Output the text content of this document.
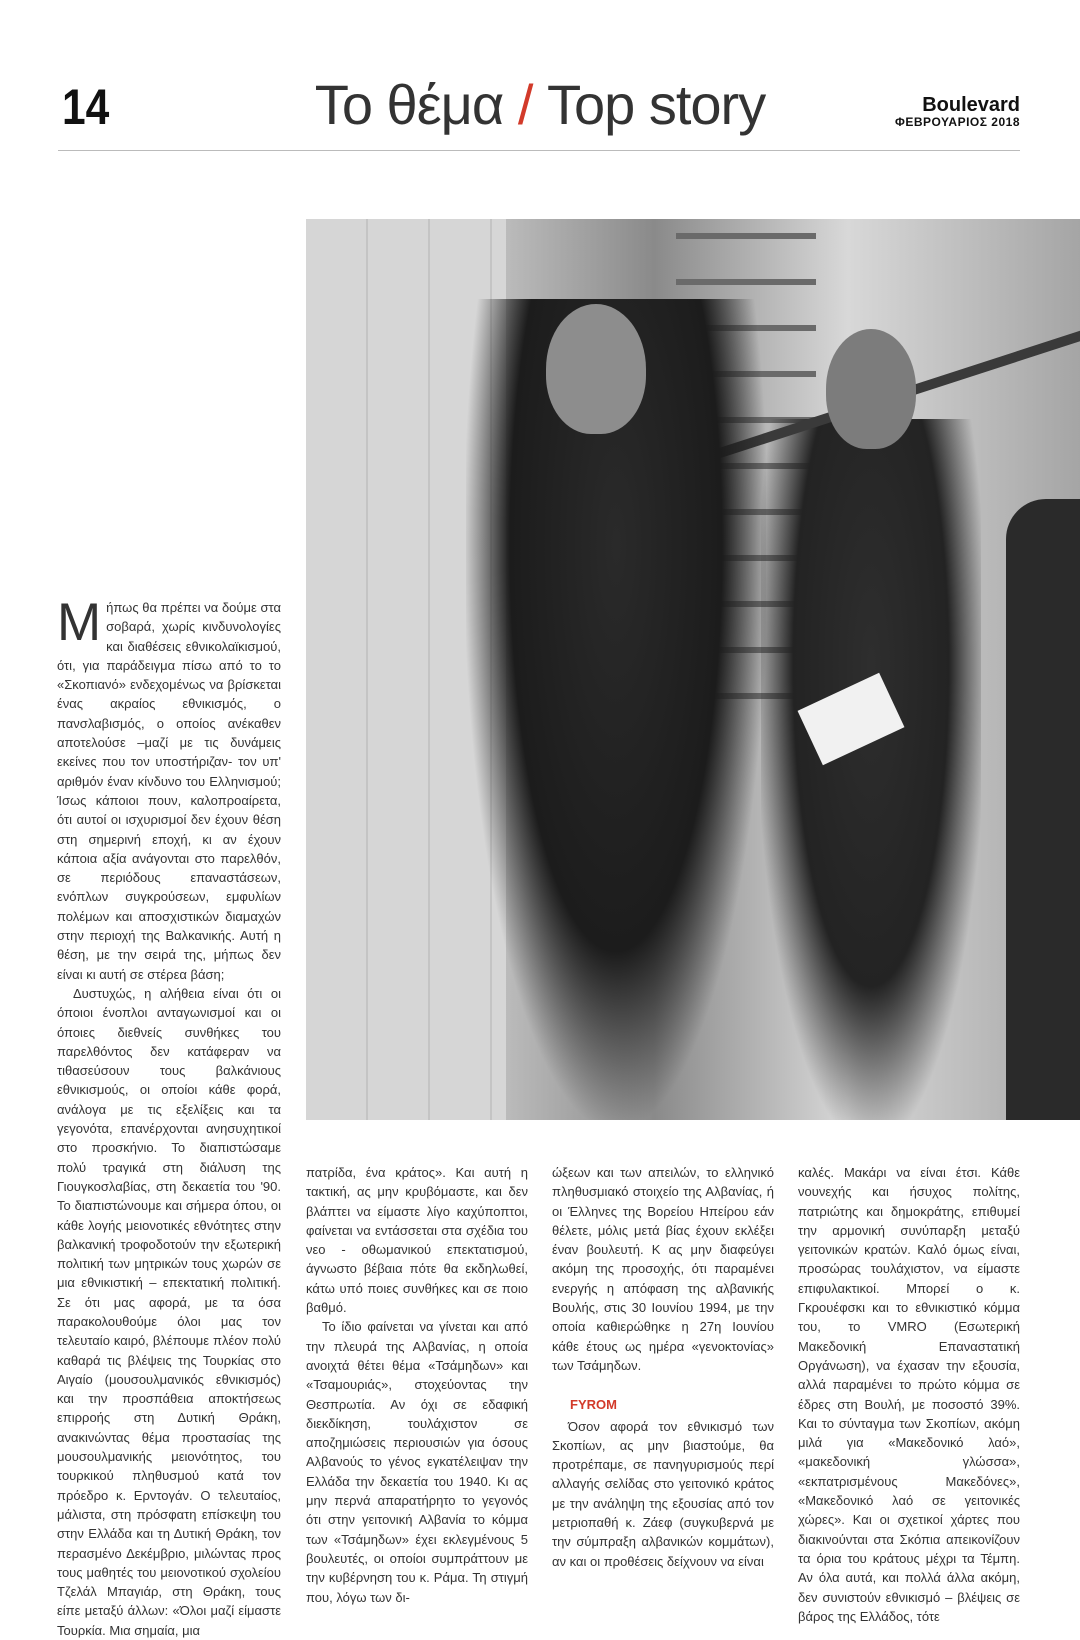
14	Το θέμα / Top story	Boulevard
ΦΕΒΡΟΥΑΡΙΟΣ 2018

Μήπως θα πρέπει να δούμε στα σοβαρά, χωρίς κινδυνολογίες και διαθέσεις εθνικολαϊκισμού, ότι, για παράδειγμα πίσω από το το «Σκοπιανό» ενδεχομένως να βρίσκεται ένας ακραίος εθνικισμός, ο πανσλαβισμός, ο οποίος ανέκαθεν αποτελούσε –μαζί με τις δυνάμεις εκείνες που τον υποστήριζαν- τον υπ' αριθμόν έναν κίνδυνο του Ελληνισμού; Ίσως κάποιοι πουν, καλοπροαίρετα, ότι αυτοί οι ισχυρισμοί δεν έχουν θέση στη σημερινή εποχή, κι αν έχουν κάποια αξία ανάγονται στο παρελθόν, σε περιόδους επαναστάσεων, ενόπλων συγκρούσεων, εμφυλίων πολέμων και αποσχιστικών διαμαχών στην περιοχή της Βαλκανικής. Αυτή η θέση, με την σειρά της, μήπως δεν είναι κι αυτή σε στέρεα βάση;

Δυστυχώς, η αλήθεια είναι ότι οι όποιοι ένοπλοι ανταγωνισμοί και οι όποιες διεθνείς συνθήκες του παρελθόντος δεν κατάφεραν να τιθασεύσουν τους βαλκάνιους εθνικισμούς, οι οποίοι κάθε φορά, ανάλογα με τις εξελίξεις και τα γεγονότα, επανέρχονται ανησυχητικοί στο προσκήνιο. Το διαπιστώσαμε πολύ τραγικά στη διάλυση της Γιουγκοσλαβίας, στη δεκαετία του '90. Το διαπιστώνουμε και σήμερα όπου, οι κάθε λογής μειονοτικές εθνότητες στην βαλκανική τροφοδοτούν την εξωτερική πολιτική των μητρικών τους χωρών σε μια εθνικιστική – επεκτατική πολιτική. Σε ότι μας αφορά, με τα όσα παρακολουθούμε όλοι μας τον τελευταίο καιρό, βλέπουμε πλέον πολύ καθαρά τις βλέψεις της Τουρκίας στο Αιγαίο (μουσουλμανικός εθνικισμός) και την προσπάθεια αποκτήσεως επιρροής στη Δυτική Θράκη, ανακινώντας θέμα προστασίας της μουσουλμανικής μειονότητος, του τουρκικού πληθυσμού κατά τον πρόεδρο κ. Ερντογάν. Ο τελευταίος, μάλιστα, στη πρόσφατη επίσκεψη του στην Ελλάδα και τη Δυτική Θράκη, τον περασμένο Δεκέμβριο, μιλώντας προς τους μαθητές του μειονοτικού σχολείου Τζελάλ Μπαγιάρ, στη Θράκη, τους είπε μεταξύ άλλων: «Όλοι μαζί είμαστε Τουρκία. Μια σημαία, μια

πατρίδα, ένα κράτος». Και αυτή η τακτική, ας μην κρυβόμαστε, και δεν βλάπτει να είμαστε λίγο καχύποπτοι, φαίνεται να εντάσσεται στα σχέδια του νεο - οθωμανικού επεκτατισμού, άγνωστο βέβαια πότε θα εκδηλωθεί, κάτω υπό ποιες συνθήκες και σε ποιο βαθμό.

Το ίδιο φαίνεται να γίνεται και από την πλευρά της Αλβανίας, η οποία ανοιχτά θέτει θέμα «Τσάμηδων» και «Τσαμουριάς», στοχεύοντας την Θεσπρωτία. Αν όχι σε εδαφική διεκδίκηση, τουλάχιστον σε αποζημιώσεις περιουσιών για όσους Αλβανούς το γένος εγκατέλειψαν την Ελλάδα την δεκαετία του 1940. Κι ας μην περνά απαρατήρητο το γεγονός ότι στην γειτονική Αλβανία το κόμμα των «Τσάμηδων» έχει εκλεγμένους 5 βουλευτές, οι οποίοι συμπράττουν με την κυβέρνηση του κ. Ράμα. Τη στιγμή που, λόγω των δι-

ώξεων και των απειλών, το ελληνικό πληθυσμιακό στοιχείο της Αλβανίας, ή οι Έλληνες της Βορείου Ηπείρου εάν θέλετε, μόλις μετά βίας έχουν εκλέξει έναν βουλευτή. Κ ας μην διαφεύγει ακόμη της προσοχής, ότι παραμένει ενεργής η απόφαση της αλβανικής Βουλής, στις 30 Ιουνίου 1994, με την οποία καθιερώθηκε η 27η Ιουνίου κάθε έτους ως ημέρα «γενοκτονίας» των Τσάμηδων.

FYROM

Όσον αφορά τον εθνικισμό των Σκοπίων, ας μην βιαστούμε, θα προτρέπαμε, σε πανηγυρισμούς περί αλλαγής σελίδας στο γειτονικό κράτος με την ανάληψη της εξουσίας από τον μετριοπαθή κ. Ζάεφ (συγκυβερνά με την σύμπραξη αλβανικών κομμάτων), αν και οι προθέσεις δείχνουν να είναι

καλές. Μακάρι να είναι έτσι. Κάθε νουνεχής και ήσυχος πολίτης, πατριώτης και δημοκράτης, επιθυμεί την αρμονική συνύπαρξη μεταξύ γειτονικών κρατών. Καλό όμως είναι, προσώρας τουλάχιστον, να είμαστε επιφυλακτικοί. Μπορεί ο κ. Γκρουέφσκι και το εθνικιστικό κόμμα του, το VMRO (Εσωτερική Μακεδονική Επαναστατική Οργάνωση), να έχασαν την εξουσία, αλλά παραμένει το πρώτο κόμμα σε έδρες στη Βουλή, με ποσοστό 39%. Και το σύνταγμα των Σκοπίων, ακόμη μιλά για «Μακεδονικό λαό», «μακεδονική γλώσσα», «εκπατρισμένους Μακεδόνες», «Μακεδονικό λαό σε γειτονικές χώρες». Και οι σχετικοί χάρτες που διακινούνται στα Σκόπια απεικονίζουν τα όρια του κράτους μέχρι τα Τέμπη. Αν όλα αυτά, και πολλά άλλα ακόμη, δεν συνιστούν εθνικισμό – βλέψεις σε βάρος της Ελλάδος, τότε
